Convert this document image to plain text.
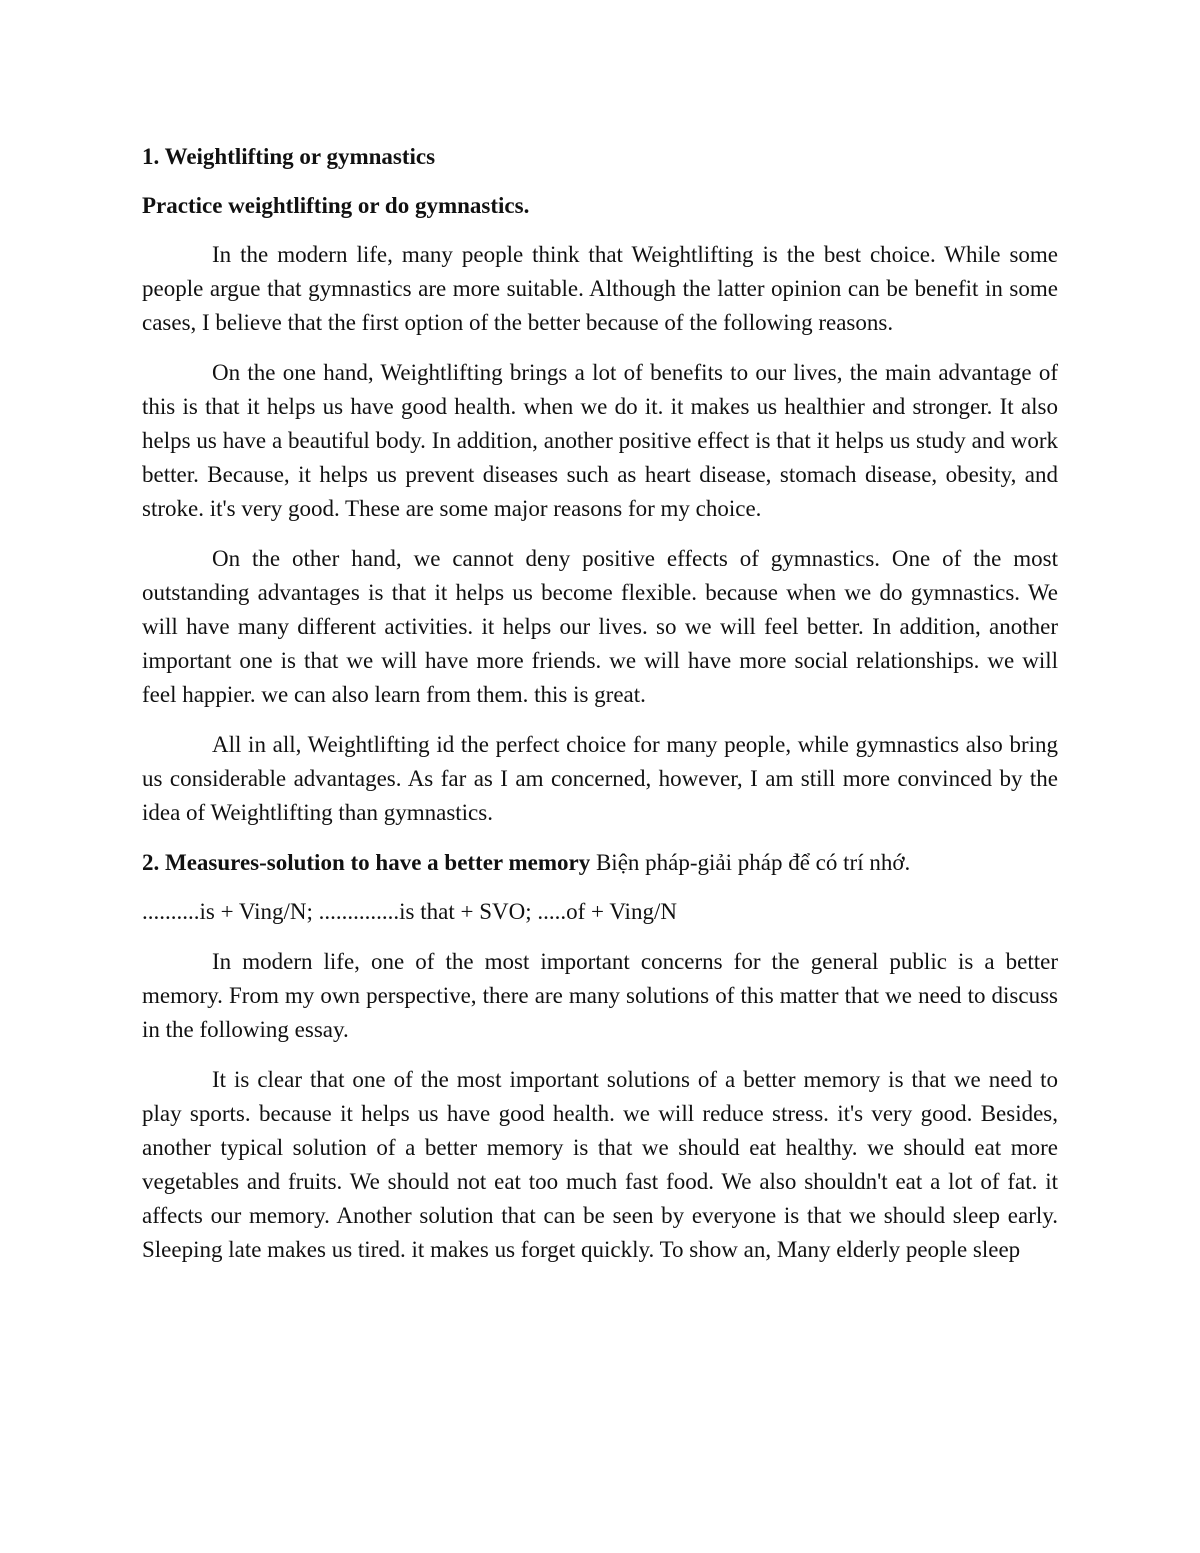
1. Weightlifting or gymnastics

Practice weightlifting or do gymnastics.

In the modern life, many people think that Weightlifting is the best choice. While some people argue that gymnastics are more suitable. Although the latter opinion can be benefit in some cases, I believe that the first option of the better because of the following reasons.

On the one hand, Weightlifting brings a lot of benefits to our lives, the main advantage of this is that it helps us have good health. when we do it. it makes us healthier and stronger. It also helps us have a beautiful body. In addition, another positive effect is that it helps us study and work better. Because, it helps us prevent diseases such as heart disease, stomach disease, obesity, and stroke. it's very good. These are some major reasons for my choice.

On the other hand, we cannot deny positive effects of gymnastics. One of the most outstanding advantages is that it helps us become flexible. because when we do gymnastics. We will have many different activities. it helps our lives. so we will feel better. In addition, another important one is that we will have more friends. we will have more social relationships. we will feel happier. we can also learn from them. this is great.

All in all, Weightlifting id the perfect choice for many people, while gymnastics also bring us considerable advantages. As far as I am concerned, however, I am still more convinced by the idea of Weightlifting than gymnastics.

2. Measures-solution to have a better memory Biện pháp-giải pháp để có trí nhớ.

..........is + Ving/N; ..............is that + SVO; .....of + Ving/N

In modern life, one of the most important concerns for the general public is a better memory. From my own perspective, there are many solutions of this matter that we need to discuss in the following essay.

It is clear that one of the most important solutions of a better memory is that we need to play sports. because it helps us have good health. we will reduce stress. it's very good. Besides, another typical solution of a better memory is that we should eat healthy. we should eat more vegetables and fruits. We should not eat too much fast food. We also shouldn't eat a lot of fat. it affects our memory. Another solution that can be seen by everyone is that we should sleep early. Sleeping late makes us tired. it makes us forget quickly. To show an, Many elderly people sleep
